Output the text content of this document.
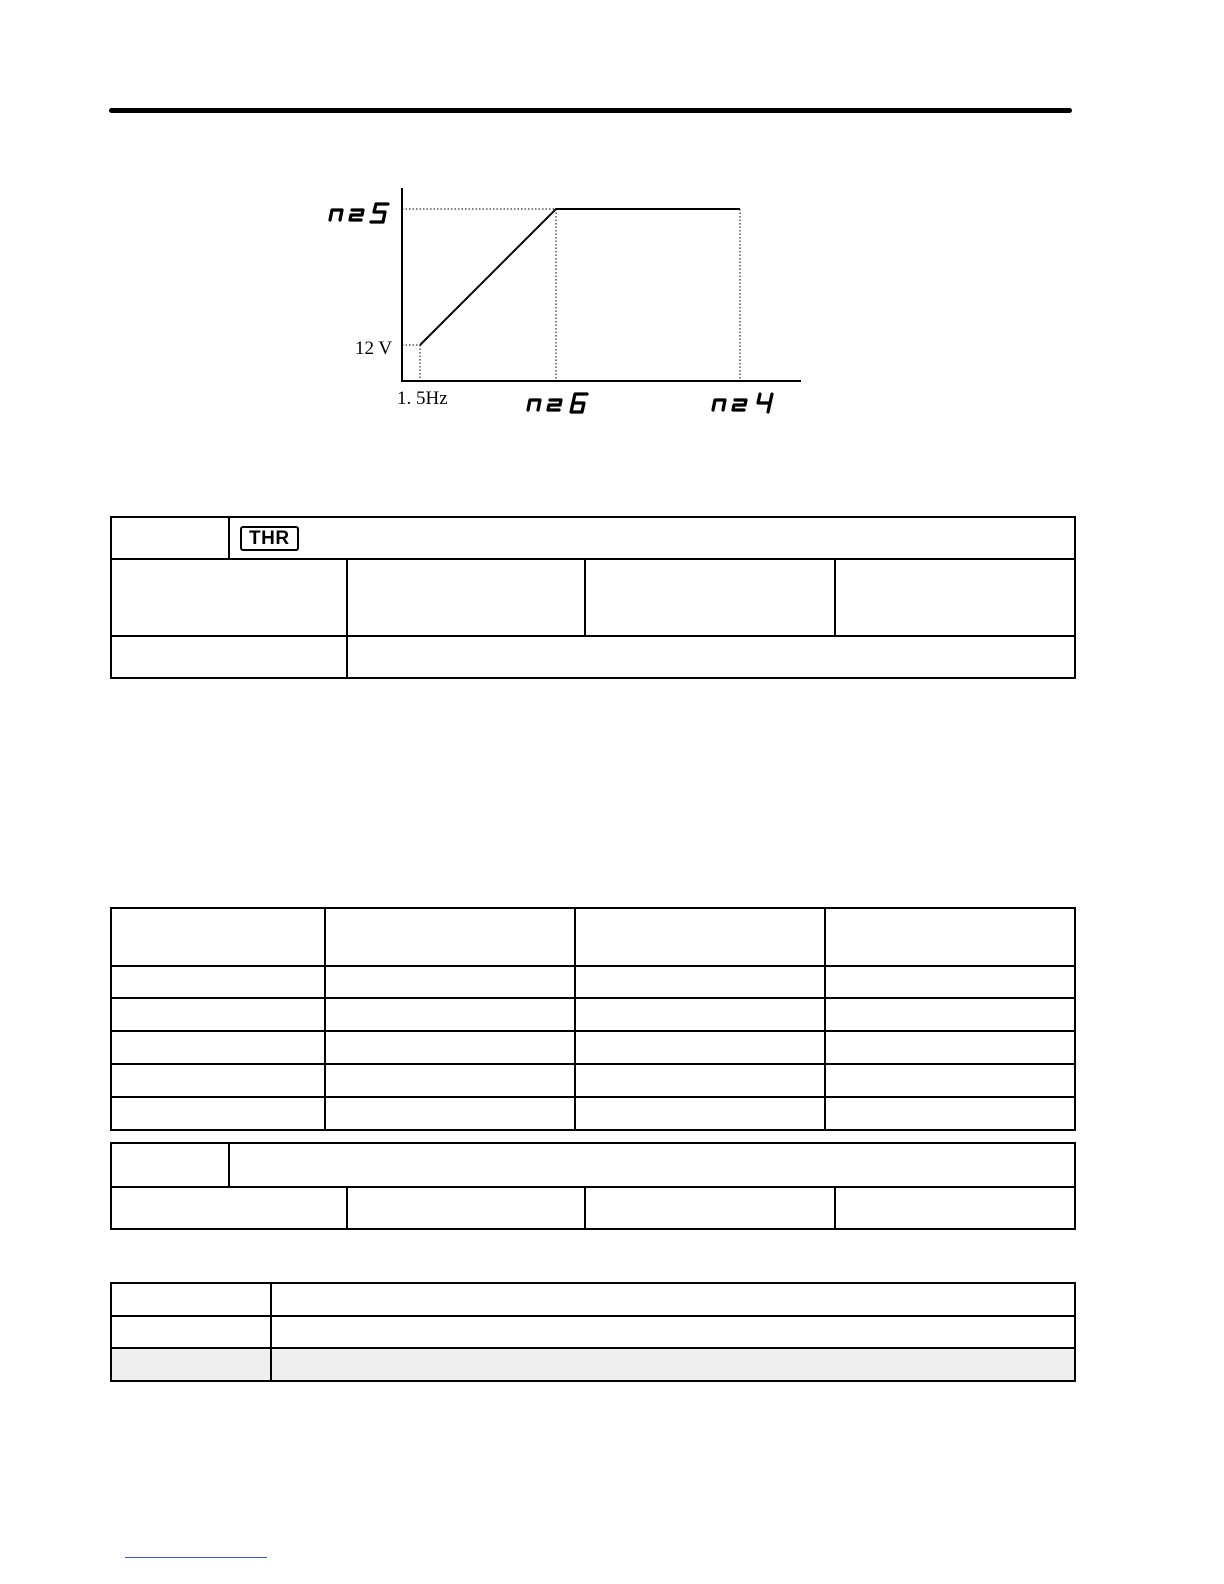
12 V
1. 5Hz
	THR			
